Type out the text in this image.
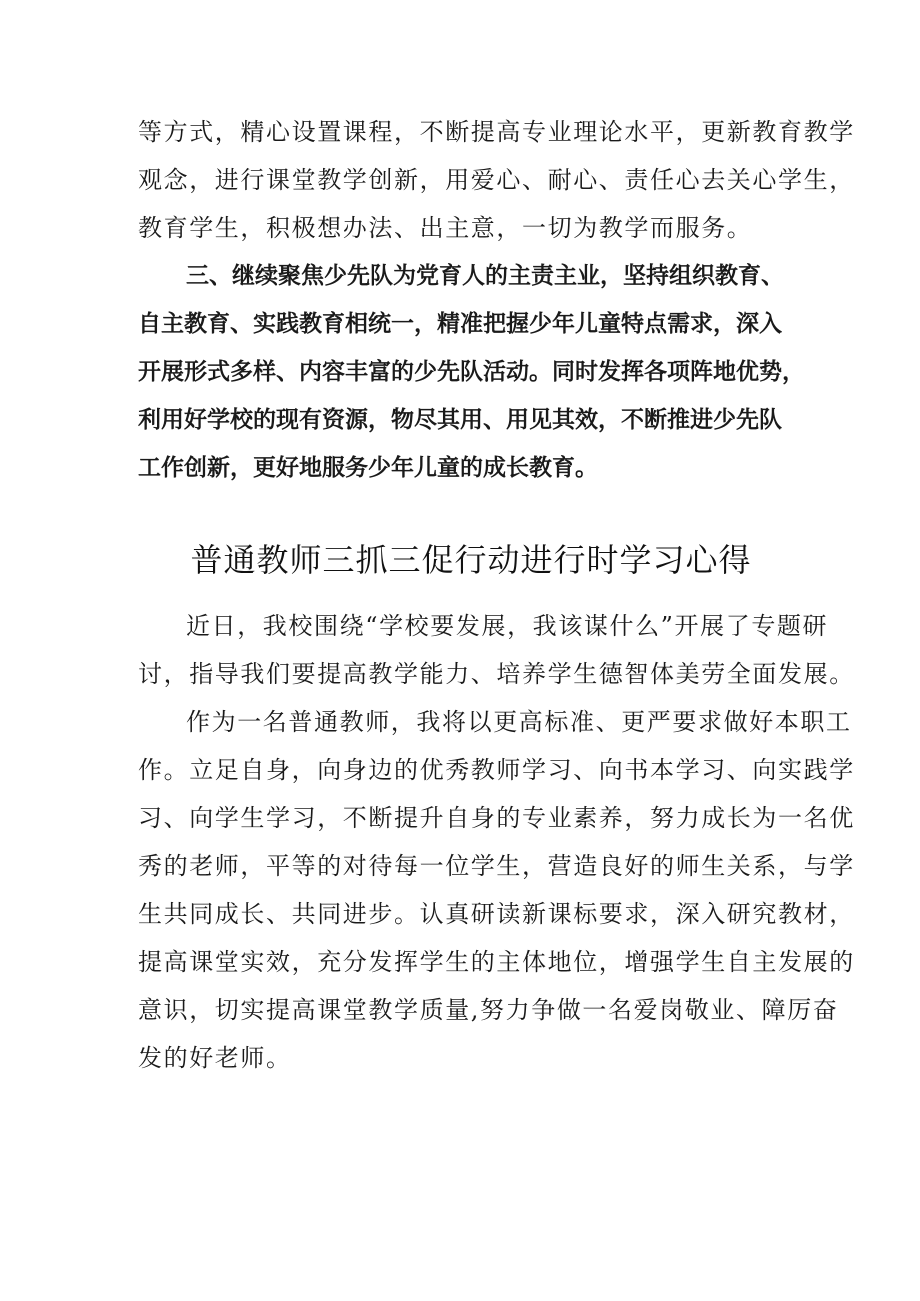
等方式，精心设置课程，不断提高专业理论水平，更新教育教学
观念，进行课堂教学创新，用爱心、耐心、责任心去关心学生，
教育学生，积极想办法、出主意，一切为教学而服务。
三、继续聚焦少先队为党育人的主责主业，坚持组织教育、
自主教育、实践教育相统一，精准把握少年儿童特点需求，深入
开展形式多样、内容丰富的少先队活动。同时发挥各项阵地优势，
利用好学校的现有资源，物尽其用、用见其效，不断推进少先队
工作创新，更好地服务少年儿童的成长教育。
普通教师三抓三促行动进行时学习心得
近日，我校围绕“学校要发展，我该谋什么”开展了专题研
讨，指导我们要提高教学能力、培养学生德智体美劳全面发展。
作为一名普通教师，我将以更高标准、更严要求做好本职工
作。立足自身，向身边的优秀教师学习、向书本学习、向实践学
习、向学生学习，不断提升自身的专业素养，努力成长为一名优
秀的老师，平等的对待每一位学生，营造良好的师生关系，与学
生共同成长、共同进步。认真研读新课标要求，深入研究教材，
提高课堂实效，充分发挥学生的主体地位，增强学生自主发展的
意识，切实提高课堂教学质量,努力争做一名爱岗敬业、障厉奋
发的好老师。
